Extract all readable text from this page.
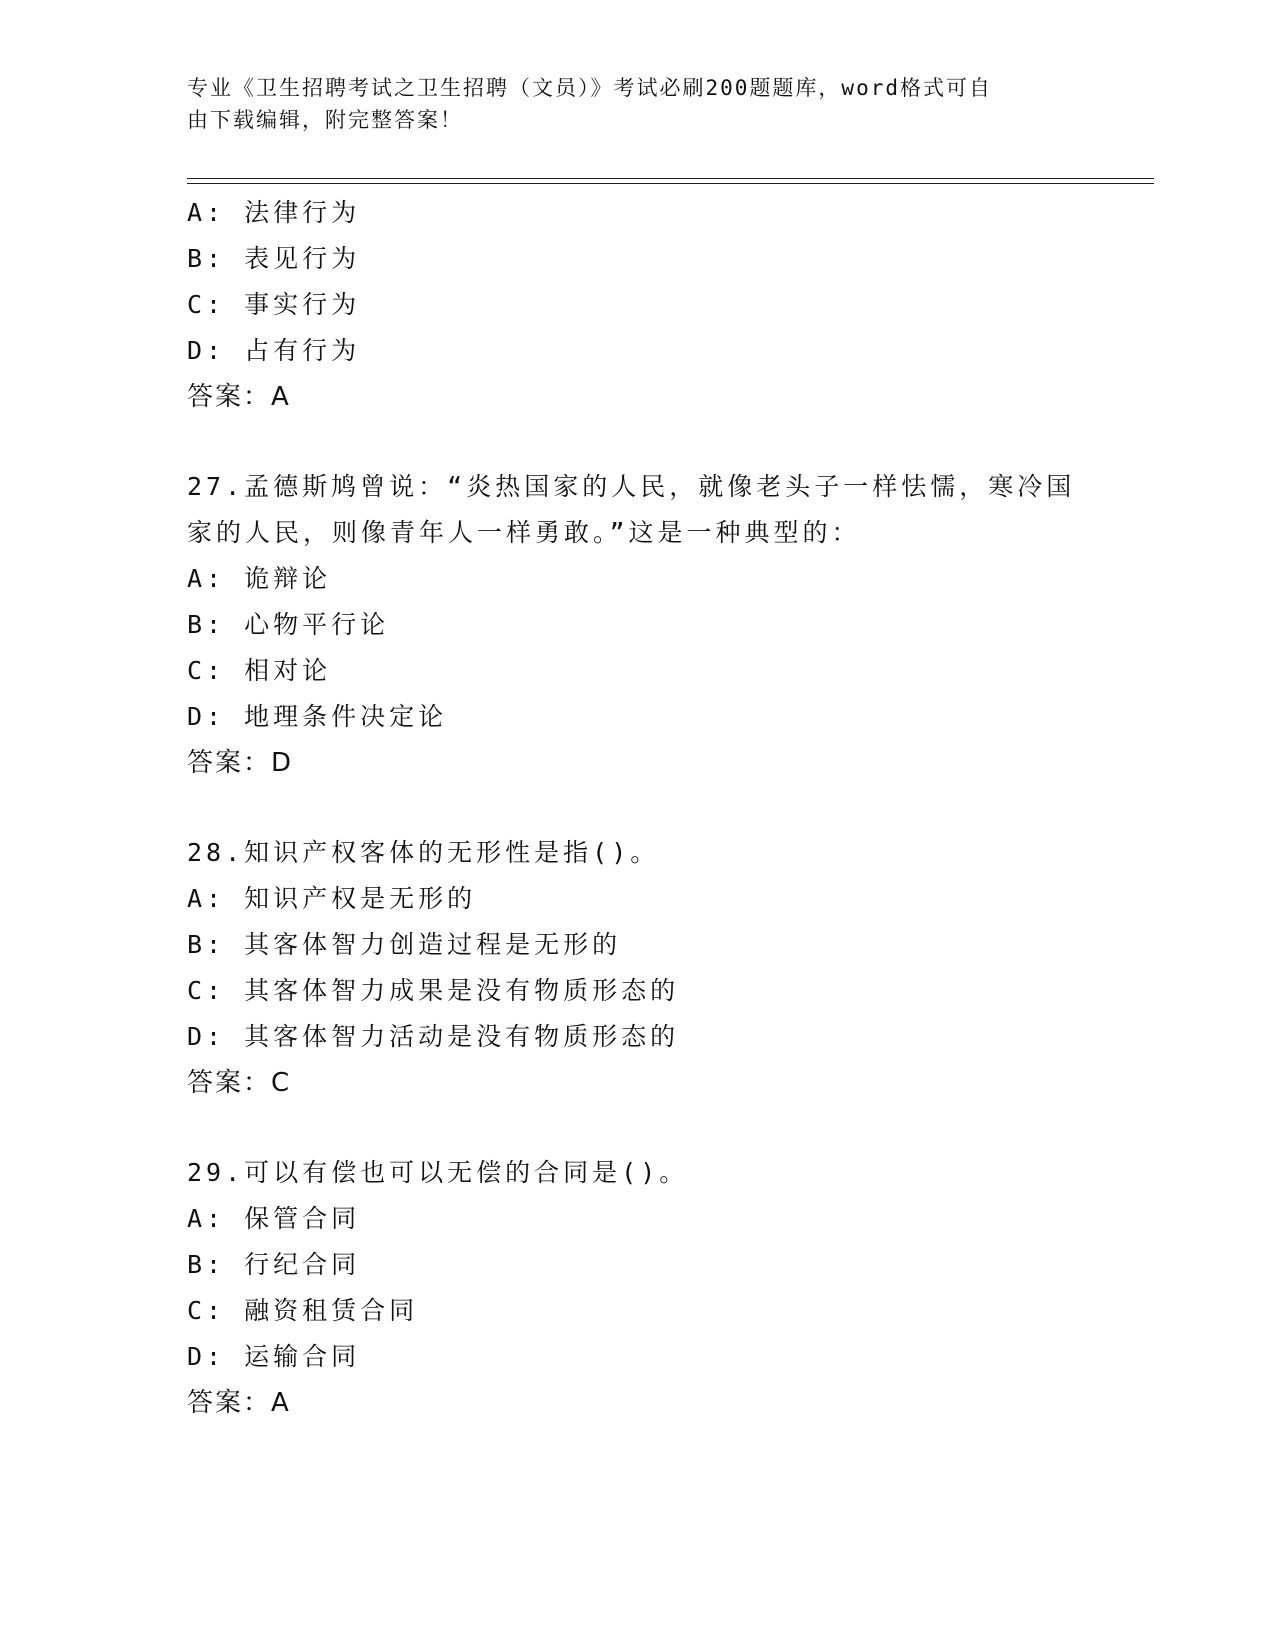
专业《卫生招聘考试之卫生招聘（文员）》考试必刷200题题库，word格式可自
由下载编辑，附完整答案！
A: 法律行为
B: 表见行为
C: 事实行为
D: 占有行为
答案：A
27.孟德斯鸠曾说：“炎热国家的人民，就像老头子一样怯懦，寒冷国
家的人民，则像青年人一样勇敢。”这是一种典型的：
A: 诡辩论
B: 心物平行论
C: 相对论
D: 地理条件决定论
答案：D
28.知识产权客体的无形性是指()。
A: 知识产权是无形的
B: 其客体智力创造过程是无形的
C: 其客体智力成果是没有物质形态的
D: 其客体智力活动是没有物质形态的
答案：C
29.可以有偿也可以无偿的合同是()。
A: 保管合同
B: 行纪合同
C: 融资租赁合同
D: 运输合同
答案：A
